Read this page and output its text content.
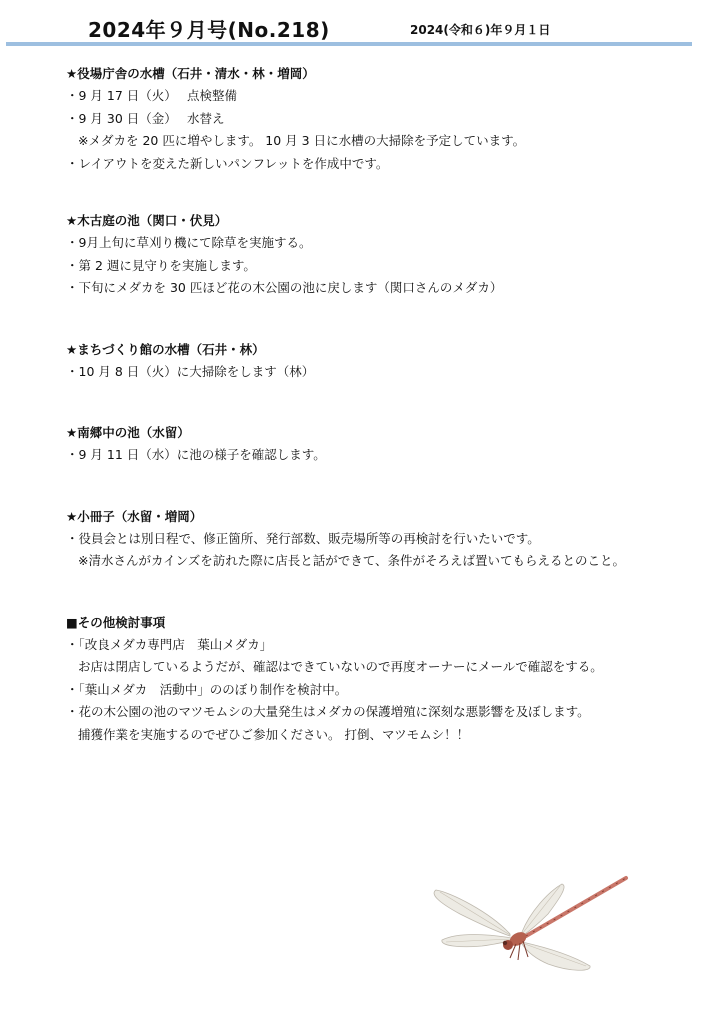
2024年９月号(No.218)	2024(令和６)年９月１日
★役場庁舎の水槽（石井・清水・林・増岡）
・9 月 17 日（火）　 点検整備
・9 月 30 日（金）　 水替え
※メダカを 20 匹に増やします。 10 月 3 日に水槽の大掃除を予定しています。
・レイアウトを変えた新しいパンフレットを作成中です。
★木古庭の池（関口・伏見）
・9月上旬に草刈り機にて除草を実施する。
・第 2 週に見守りを実施します。
・下旬にメダカを 30 匹ほど花の木公園の池に戻します（関口さんのメダカ）
★まちづくり館の水槽（石井・林）
・10 月 8 日（火）に大掃除をします（林）
★南郷中の池（水留）
・9 月 11 日（水）に池の様子を確認します。
★小冊子（水留・増岡）
・役員会とは別日程で、修正箇所、発行部数、販売場所等の再検討を行いたいです。
※清水さんがカインズを訪れた際に店長と話ができて、条件がそろえば置いてもらえるとのこと。
■その他検討事項
・「改良メダカ専門店　葉山メダカ」
お店は閉店しているようだが、確認はできていないので再度オーナーにメールで確認をする。
・「葉山メダカ　活動中」ののぼり制作を検討中。
・花の木公園の池のマツモムシの大量発生はメダカの保護増殖に深刻な悪影響を及ぼします。
捕獲作業を実施するのでぜひご参加ください。 打倒、マツモムシ！！
